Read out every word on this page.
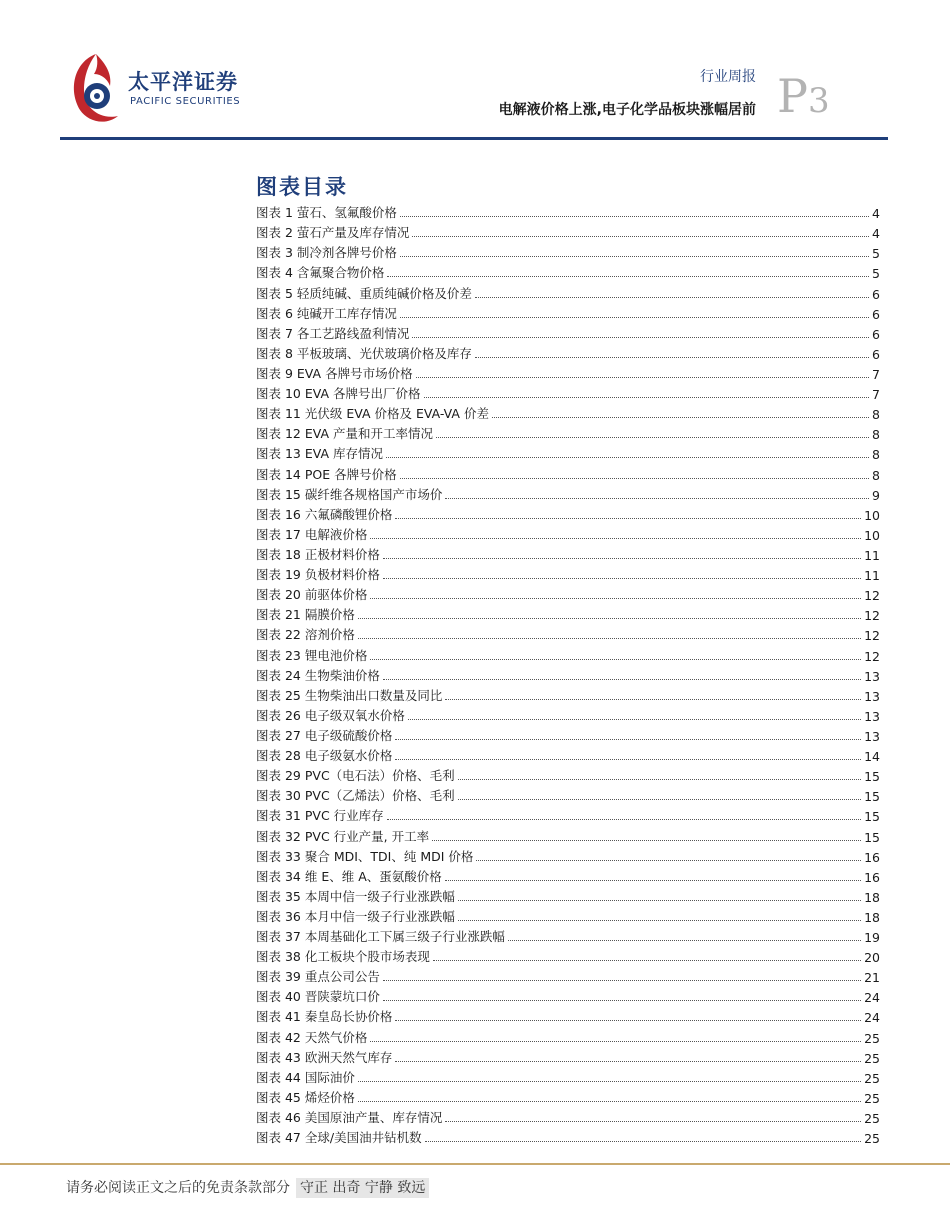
太平洋证券
PACIFIC SECURITIES
行业周报
电解液价格上涨,电子化学品板块涨幅居前 P3
图表目录
图表 1 萤石、氢氟酸价格	4
图表 2 萤石产量及库存情况	4
图表 3 制冷剂各牌号价格	5
图表 4 含氟聚合物价格	5
图表 5 轻质纯碱、重质纯碱价格及价差	6
图表 6 纯碱开工库存情况	6
图表 7 各工艺路线盈利情况	6
图表 8 平板玻璃、光伏玻璃价格及库存	6
图表 9 EVA 各牌号市场价格	7
图表 10 EVA 各牌号出厂价格	7
图表 11 光伏级 EVA 价格及 EVA-VA 价差	8
图表 12 EVA 产量和开工率情况	8
图表 13 EVA 库存情况	8
图表 14 POE 各牌号价格	8
图表 15 碳纤维各规格国产市场价	9
图表 16 六氟磷酸锂价格	10
图表 17 电解液价格	10
图表 18 正极材料价格	11
图表 19 负极材料价格	11
图表 20 前驱体价格	12
图表 21 隔膜价格	12
图表 22 溶剂价格	12
图表 23 锂电池价格	12
图表 24 生物柴油价格	13
图表 25 生物柴油出口数量及同比	13
图表 26 电子级双氧水价格	13
图表 27 电子级硫酸价格	13
图表 28 电子级氨水价格	14
图表 29 PVC（电石法）价格、毛利	15
图表 30 PVC（乙烯法）价格、毛利	15
图表 31 PVC 行业库存	15
图表 32 PVC 行业产量, 开工率	15
图表 33 聚合 MDI、TDI、纯 MDI 价格	16
图表 34 维 E、维 A、蛋氨酸价格	16
图表 35 本周中信一级子行业涨跌幅	18
图表 36 本月中信一级子行业涨跌幅	18
图表 37 本周基础化工下属三级子行业涨跌幅	19
图表 38 化工板块个股市场表现	20
图表 39 重点公司公告	21
图表 40 晋陕蒙坑口价	24
图表 41 秦皇岛长协价格	24
图表 42 天然气价格	25
图表 43 欧洲天然气库存	25
图表 44 国际油价	25
图表 45 烯烃价格	25
图表 46 美国原油产量、库存情况	25
图表 47 全球/美国油井钻机数	25
请务必阅读正文之后的免责条款部分 守正 出奇 宁静 致远
